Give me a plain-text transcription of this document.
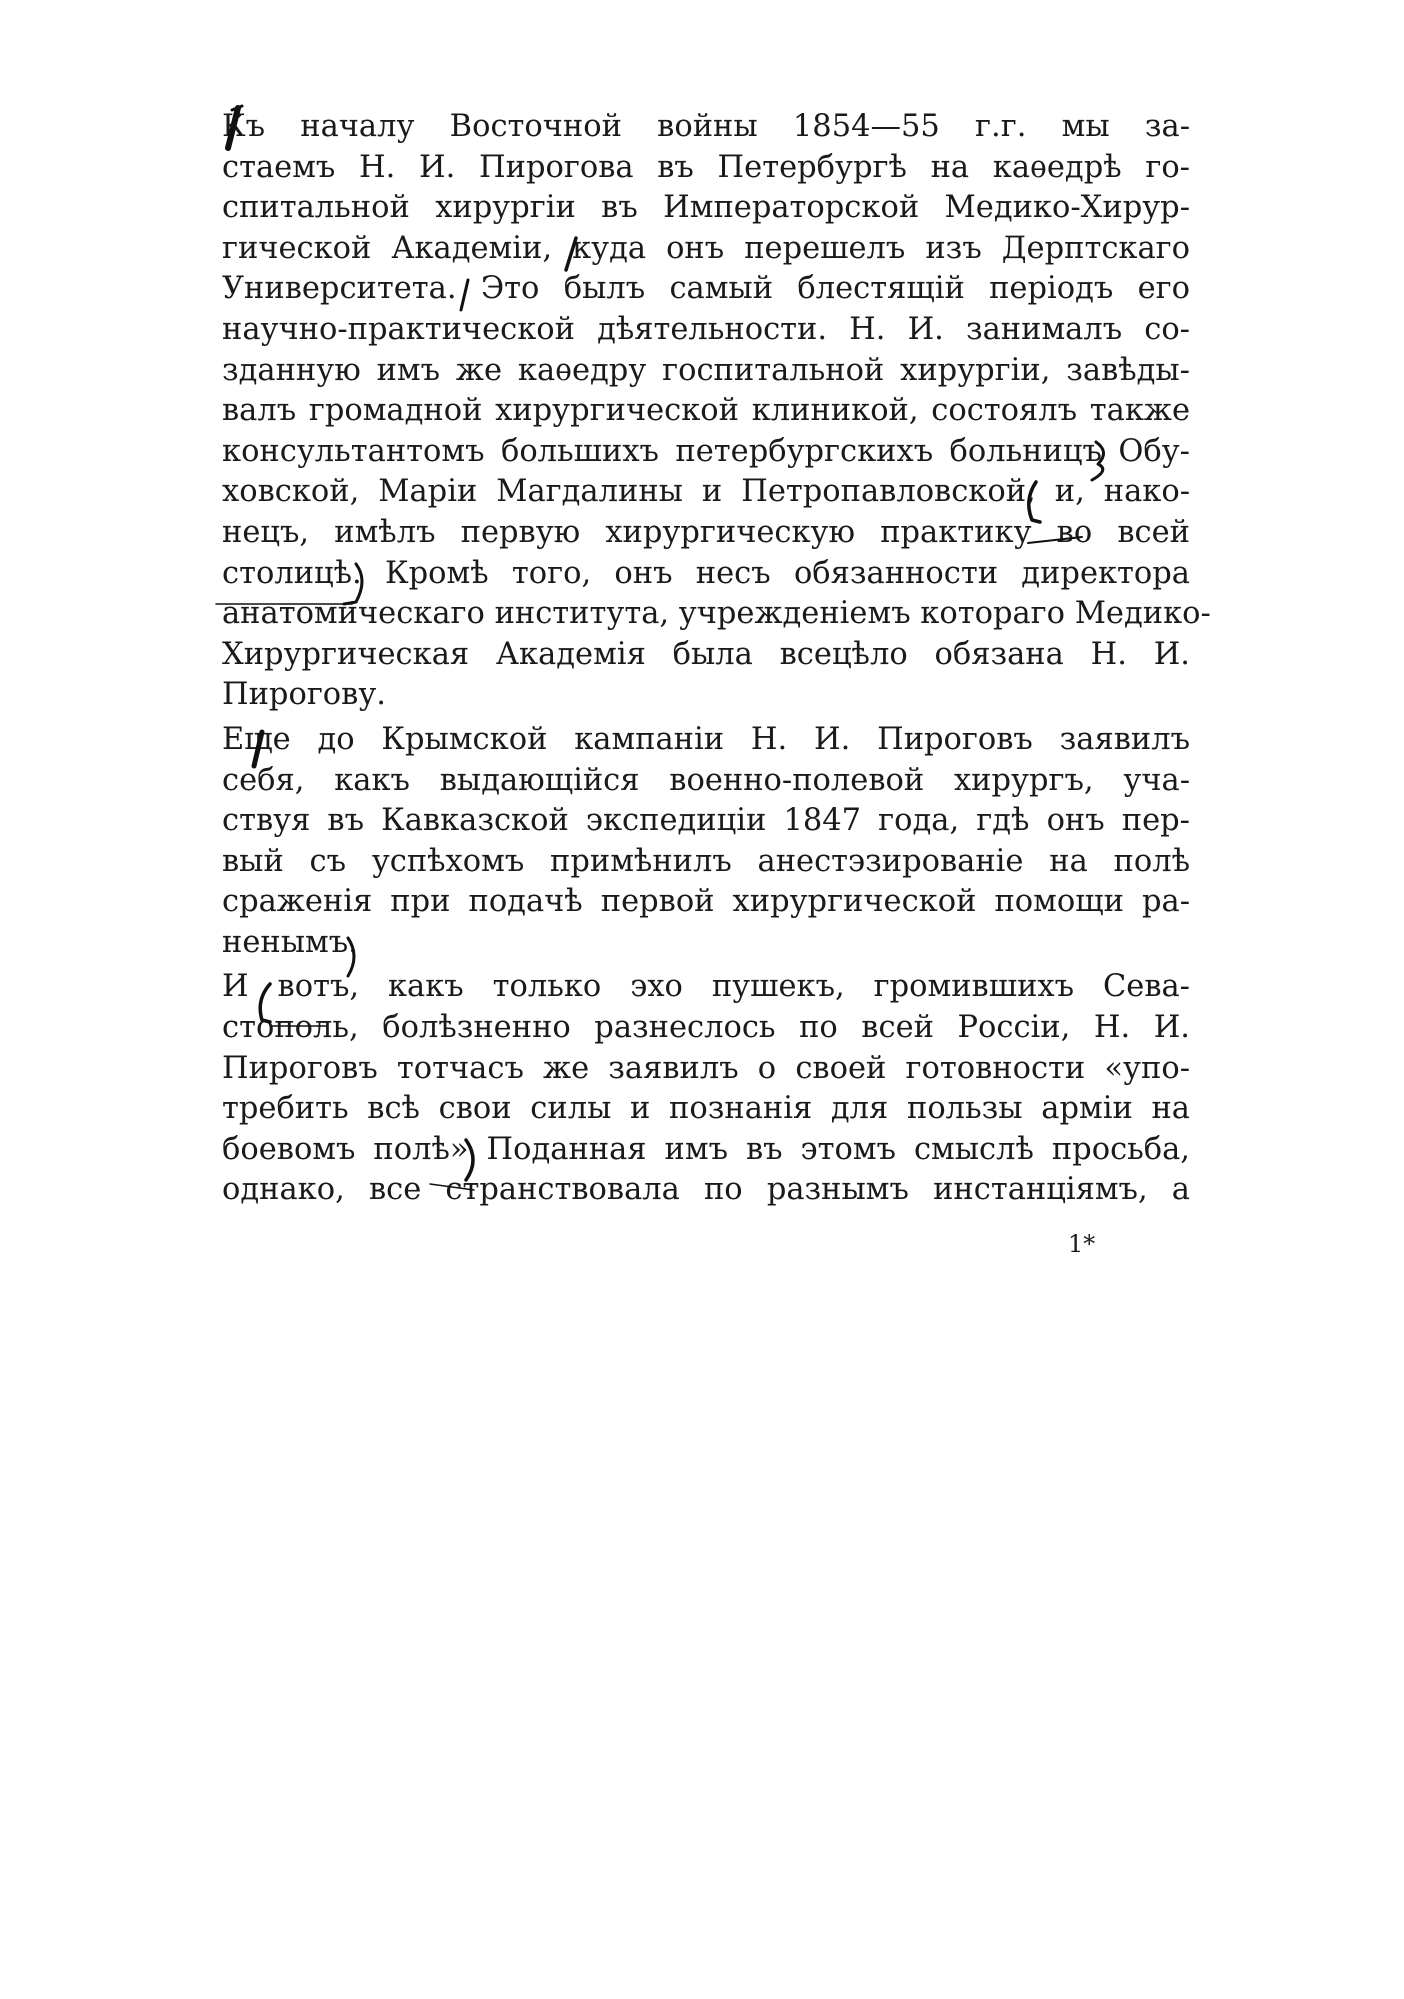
Къ началу Восточной войны 1854—55 г.г. мы за-
стаемъ Н. И. Пирогова въ Петербургѣ на каѳедрѣ го-
спитальной хирургіи въ Императорской Медико-Хирур-
гической Академіи, куда онъ перешелъ изъ Дерптскаго
Университета. Это былъ самый блестящій періодъ его
научно-практической дѣятельности. Н. И. занималъ со-
зданную имъ же каѳедру госпитальной хирургіи, завѣды-
валъ громадной хирургической клиникой, состоялъ также
консультантомъ большихъ петербургскихъ больницъ Обу-
ховской, Маріи Магдалины и Петропавловской, и, нако-
нецъ, имѣлъ первую хирургическую практику во всей
столицѣ. Кромѣ того, онъ несъ обязанности директора
анатомическаго института, учрежденіемъ котораго Медико-
Хирургическая Академія была всецѣло обязана Н. И.
Пирогову.
Еще до Крымской кампаніи Н. И. Пироговъ заявилъ
себя, какъ выдающійся военно-полевой хирургъ, уча-
ствуя въ Кавказской экспедиціи 1847 года, гдѣ онъ пер-
вый съ успѣхомъ примѣнилъ анестэзированіе на полѣ
сраженія при подачѣ первой хирургической помощи ра-
ненымъ.
И вотъ, какъ только эхо пушекъ, громившихъ Сева-
стополь, болѣзненно разнеслось по всей Россіи, Н. И.
Пироговъ тотчасъ же заявилъ о своей готовности «упо-
требить всѣ свои силы и познанія для пользы арміи на
боевомъ полѣ» Поданная имъ въ этомъ смыслѣ просьба,
однако, все странствовала по разнымъ инстанціямъ, а
1*
